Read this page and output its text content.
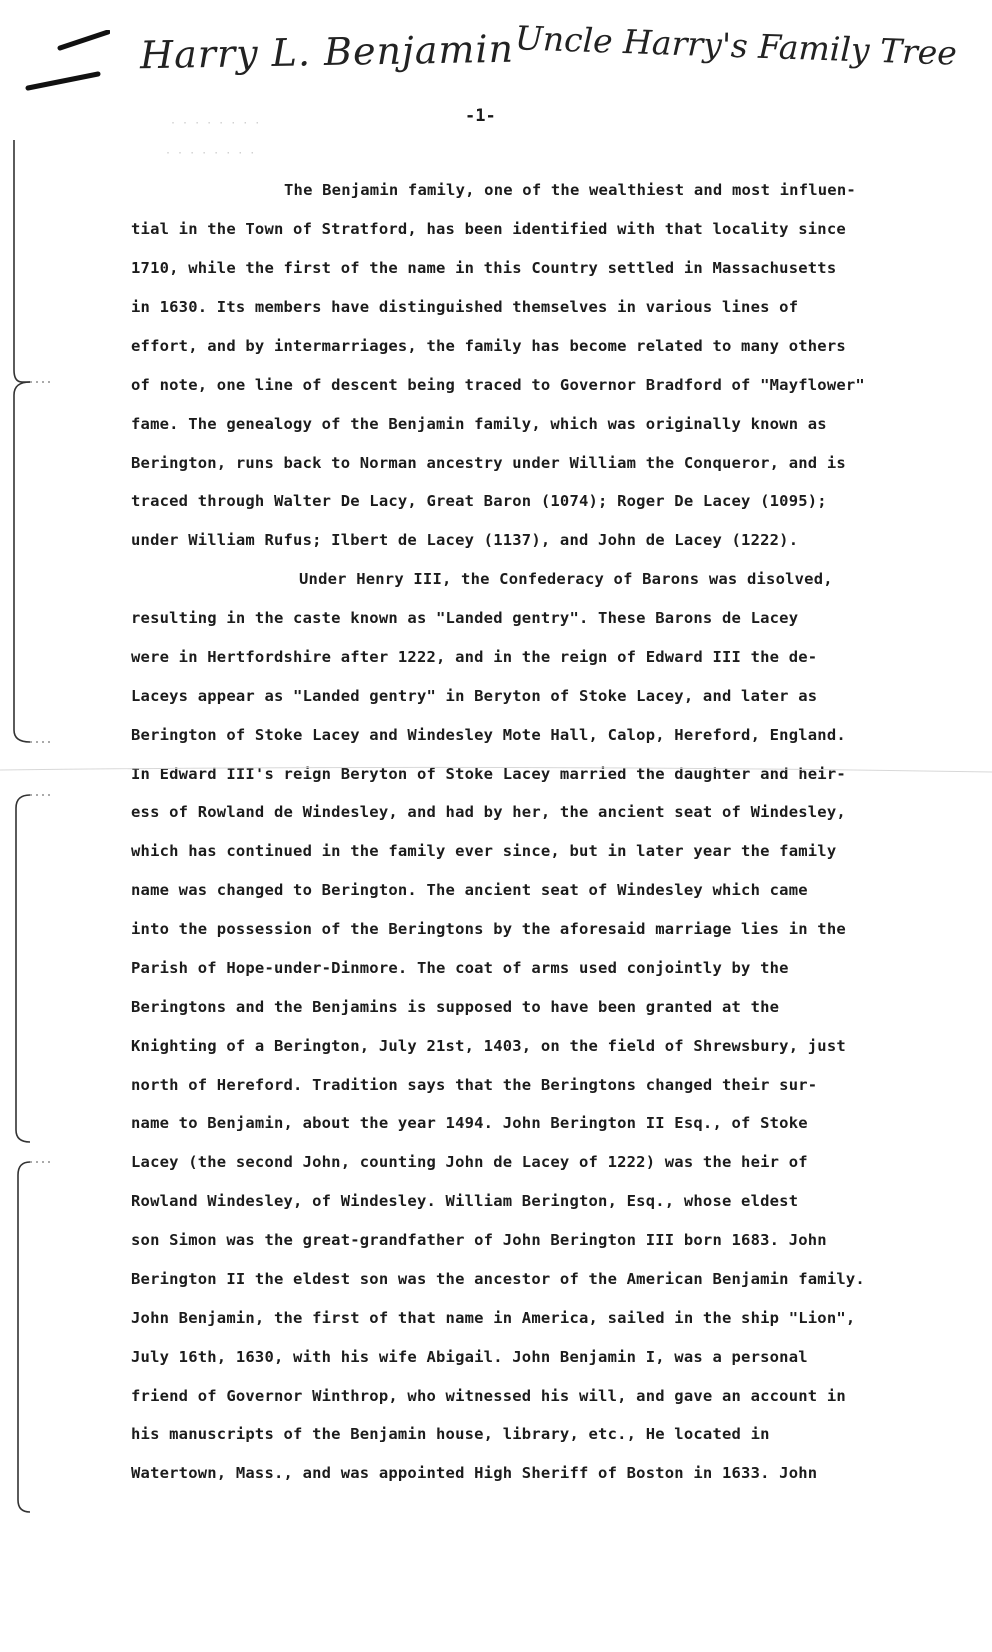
Harry L. Benjamin Uncle Harry's Family Tree
· · · · · · · ·
· · · · · · · ·
-1-
The Benjamin family, one of the wealthiest and most influen-
tial in the Town of Stratford, has been identified with that locality since
1710, while the first of the name in this Country settled in Massachusetts
in 1630. Its members have distinguished themselves in various lines of
effort, and by intermarriages, the family has become related to many others
of note, one line of descent being traced to Governor Bradford of "Mayflower"
fame. The genealogy of the Benjamin family, which was originally known as
Berington, runs back to Norman ancestry under William the Conqueror, and is
traced through Walter De Lacy, Great Baron (1074); Roger De Lacey (1095);
under William Rufus; Ilbert de Lacey (1137), and John de Lacey (1222).
Under Henry III, the Confederacy of Barons was disolved,
resulting in the caste known as "Landed gentry". These Barons de Lacey
were in Hertfordshire after 1222, and in the reign of Edward III the de-
Laceys appear as "Landed gentry" in Beryton of Stoke Lacey, and later as
Berington of Stoke Lacey and Windesley Mote Hall, Calop, Hereford, England.
In Edward III's reign Beryton of Stoke Lacey married the daughter and heir-
ess of Rowland de Windesley, and had by her, the ancient seat of Windesley,
which has continued in the family ever since, but in later year the family
name was changed to Berington. The ancient seat of Windesley which came
into the possession of the Beringtons by the aforesaid marriage lies in the
Parish of Hope-under-Dinmore. The coat of arms used conjointly by the
Beringtons and the Benjamins is supposed to have been granted at the
Knighting of a Berington, July 21st, 1403, on the field of Shrewsbury, just
north of Hereford. Tradition says that the Beringtons changed their sur-
name to Benjamin, about the year 1494. John Berington II Esq., of Stoke
Lacey (the second John, counting John de Lacey of 1222) was the heir of
Rowland Windesley, of Windesley. William Berington, Esq., whose eldest
son Simon was the great-grandfather of John Berington III born 1683. John
Berington II the eldest son was the ancestor of the American Benjamin family.
John Benjamin, the first of that name in America, sailed in the ship "Lion",
July 16th, 1630, with his wife Abigail. John Benjamin I, was a personal
friend of Governor Winthrop, who witnessed his will, and gave an account in
his manuscripts of the Benjamin house, library, etc., He located in
Watertown, Mass., and was appointed High Sheriff of Boston in 1633. John
